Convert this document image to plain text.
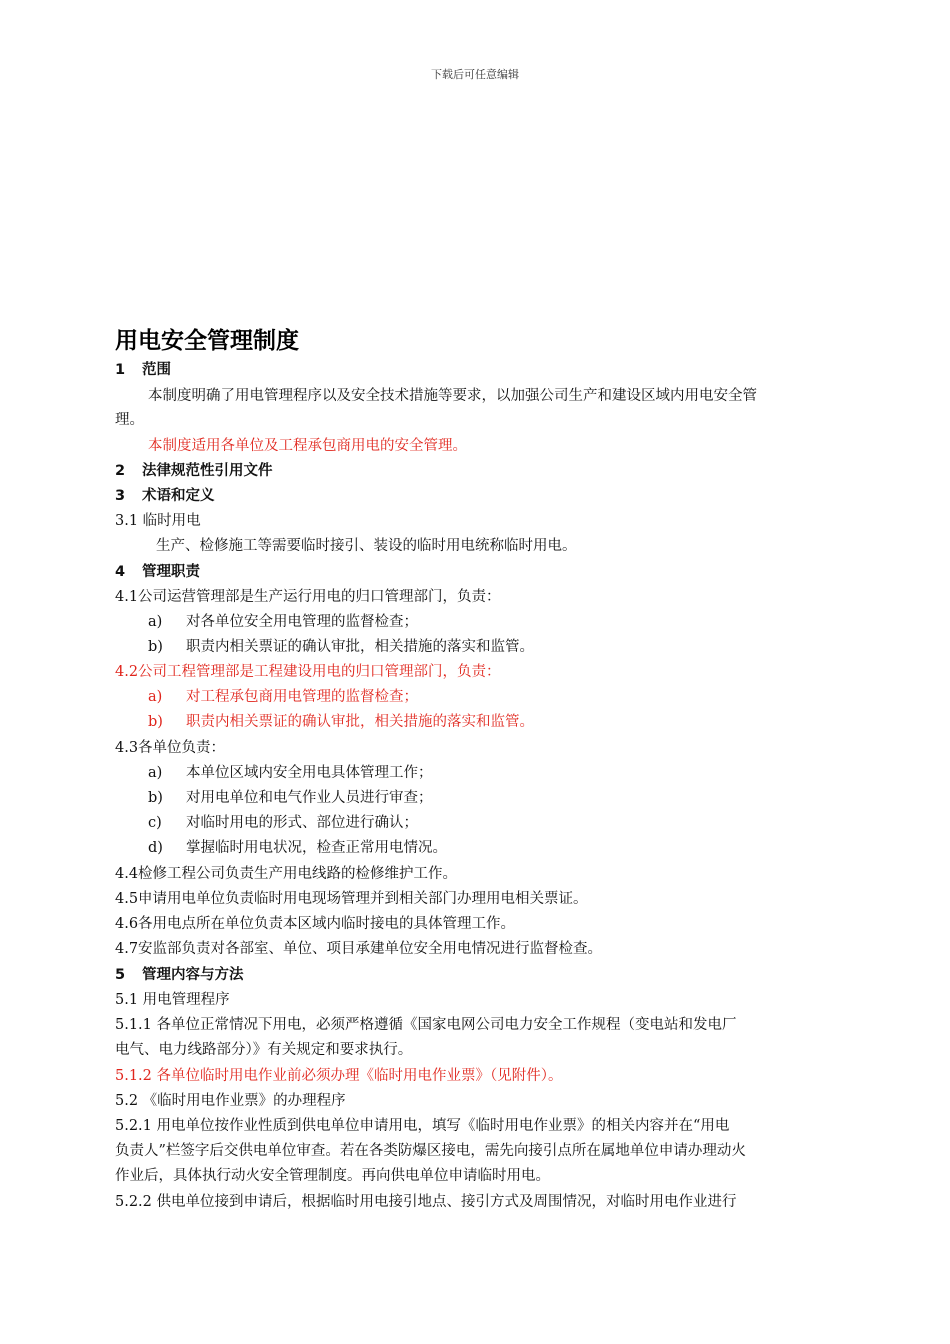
下载后可任意编辑
用电安全管理制度
1 范围
本制度明确了用电管理程序以及安全技术措施等要求，以加强公司生产和建设区域内用电安全管
理。
本制度适用各单位及工程承包商用电的安全管理。
2 法律规范性引用文件
3 术语和定义
3.1 临时用电
生产、检修施工等需要临时接引、装设的临时用电统称临时用电。
4 管理职责
4.1公司运营管理部是生产运行用电的归口管理部门，负责：
a) 对各单位安全用电管理的监督检查；
b) 职责内相关票证的确认审批，相关措施的落实和监管。
4.2公司工程管理部是工程建设用电的归口管理部门，负责：
a) 对工程承包商用电管理的监督检查；
b) 职责内相关票证的确认审批，相关措施的落实和监管。
4.3各单位负责：
a) 本单位区域内安全用电具体管理工作；
b) 对用电单位和电气作业人员进行审查；
c) 对临时用电的形式、部位进行确认；
d) 掌握临时用电状况，检查正常用电情况。
4.4检修工程公司负责生产用电线路的检修维护工作。
4.5申请用电单位负责临时用电现场管理并到相关部门办理用电相关票证。
4.6各用电点所在单位负责本区域内临时接电的具体管理工作。
4.7安监部负责对各部室、单位、项目承建单位安全用电情况进行监督检查。
5 管理内容与方法
5.1 用电管理程序
5.1.1 各单位正常情况下用电，必须严格遵循《国家电网公司电力安全工作规程（变电站和发电厂
电气、电力线路部分）》有关规定和要求执行。
5.1.2 各单位临时用电作业前必须办理《临时用电作业票》（见附件）。
5.2 《临时用电作业票》的办理程序
5.2.1 用电单位按作业性质到供电单位申请用电，填写《临时用电作业票》的相关内容并在“用电
负责人”栏签字后交供电单位审查。若在各类防爆区接电，需先向接引点所在属地单位申请办理动火
作业后，具体执行动火安全管理制度。再向供电单位申请临时用电。
5.2.2 供电单位接到申请后，根据临时用电接引地点、接引方式及周围情况，对临时用电作业进行
